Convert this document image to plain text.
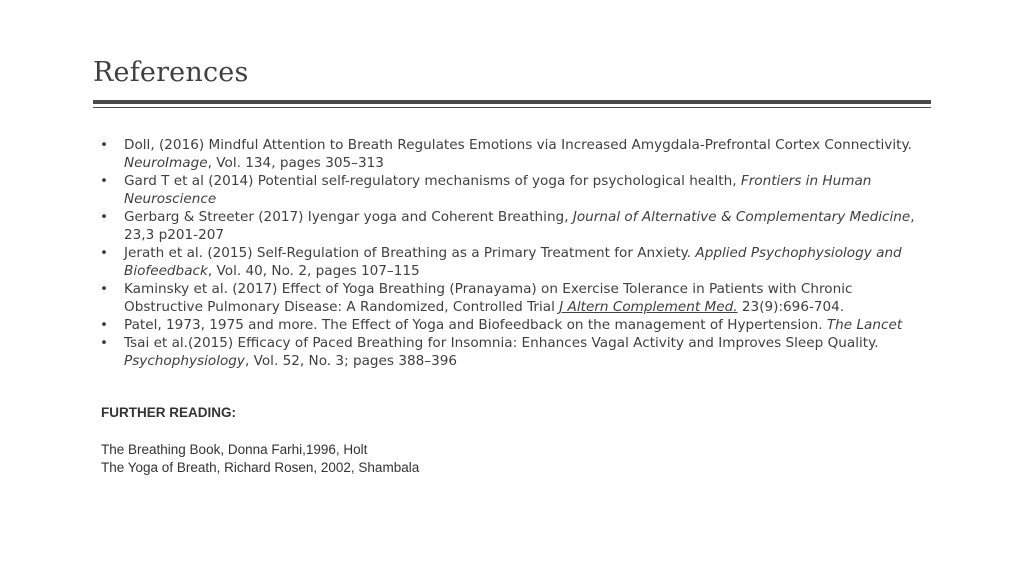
References
• Doll, (2016) Mindful Attention to Breath Regulates Emotions via Increased Amygdala-Prefrontal Cortex Connectivity. NeuroImage, Vol. 134, pages 305–313
• Gard T et al (2014) Potential self-regulatory mechanisms of yoga for psychological health, Frontiers in Human Neuroscience
• Gerbarg & Streeter (2017) Iyengar yoga and Coherent Breathing, Journal of Alternative & Complementary Medicine, 23,3 p201-207
• Jerath et al. (2015) Self-Regulation of Breathing as a Primary Treatment for Anxiety. Applied Psychophysiology and Biofeedback, Vol. 40, No. 2, pages 107–115
• Kaminsky et al. (2017) Effect of Yoga Breathing (Pranayama) on Exercise Tolerance in Patients with Chronic Obstructive Pulmonary Disease: A Randomized, Controlled Trial J Altern Complement Med. 23(9):696-704.
• Patel, 1973, 1975 and more. The Effect of Yoga and Biofeedback on the management of Hypertension. The Lancet
• Tsai et al.(2015) Efficacy of Paced Breathing for Insomnia: Enhances Vagal Activity and Improves Sleep Quality. Psychophysiology, Vol. 52, No. 3; pages 388–396
FURTHER READING:
The Breathing Book, Donna Farhi,1996, Holt
The Yoga of Breath, Richard Rosen, 2002, Shambala
